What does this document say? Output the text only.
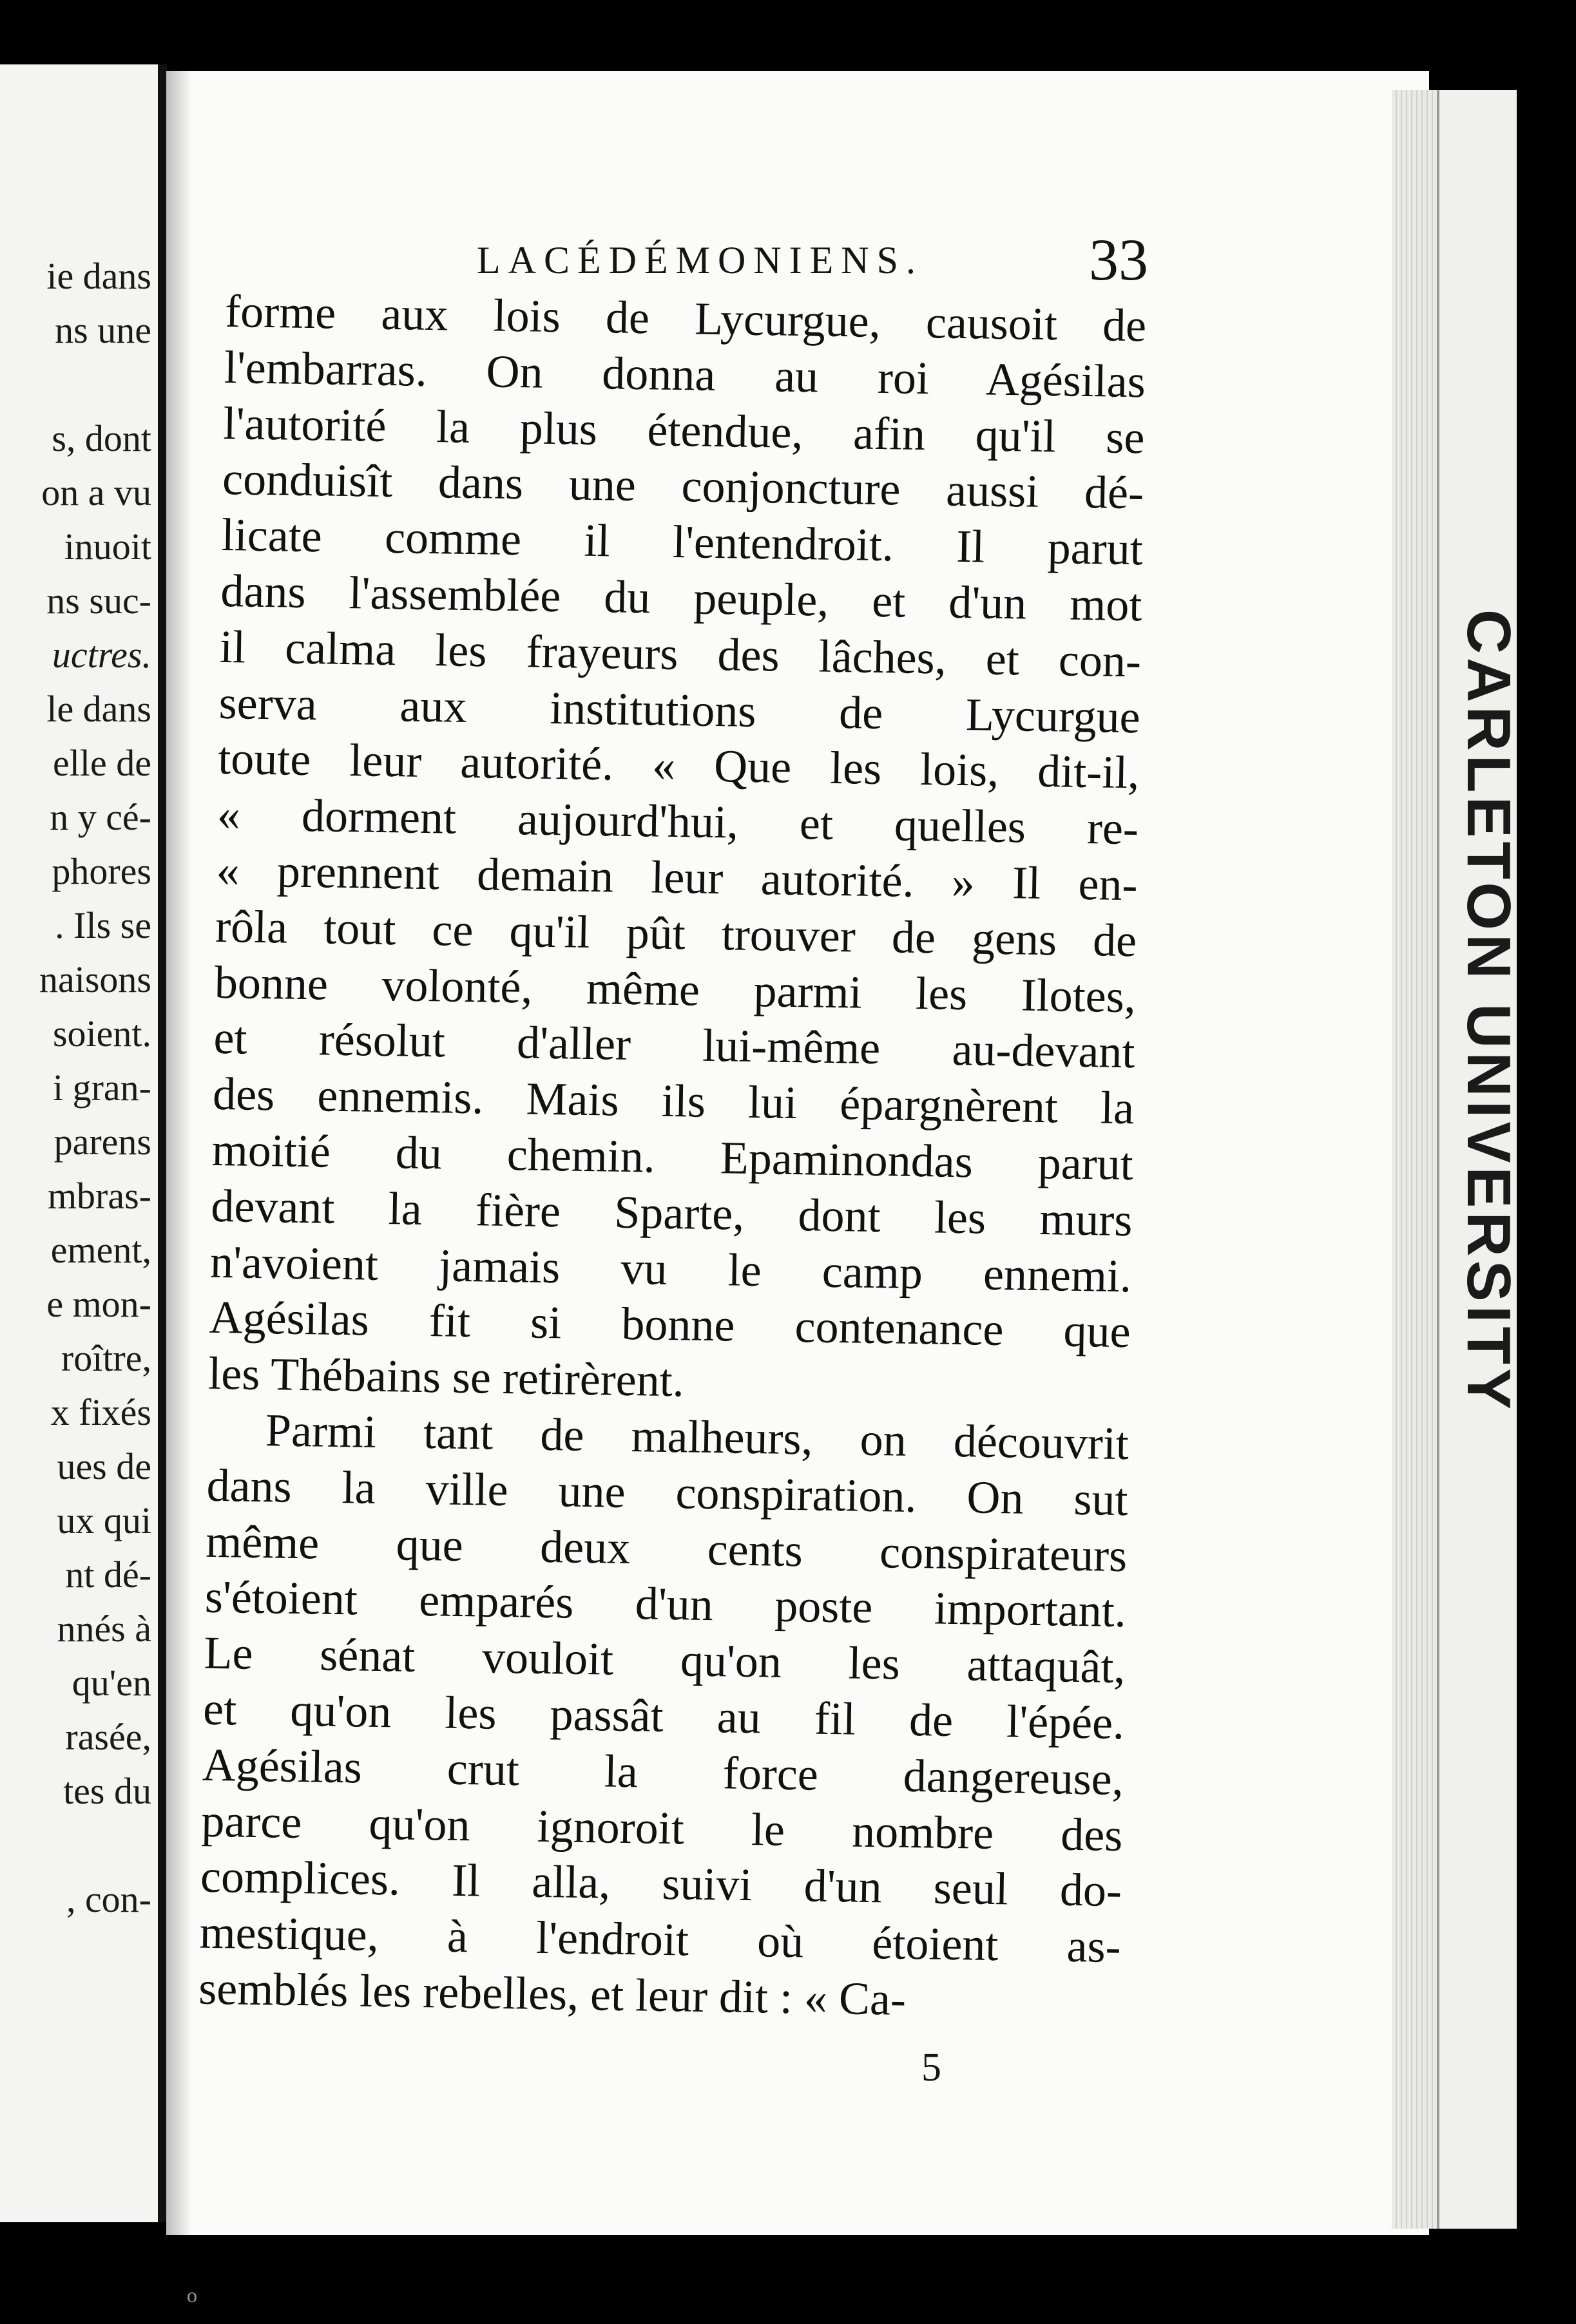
ie dans
ns une
s, dont
on a vu
inuoit
ns suc-
uctres.
le dans
elle de
n y cé-
phores
. Ils se
naisons
soient.
i gran-
parens
mbras-
ement,
e mon-
roître,
x fixés
ues de
ux qui
nt dé-
nnés à
qu'en
rasée,
tes du
, con-
LACÉDÉMONIENS.	33
forme aux lois de Lycurgue, causoit de
l'embarras. On donna au roi Agésilas
l'autorité la plus étendue, afin qu'il se
conduisît dans une conjoncture aussi dé-
licate comme il l'entendroit. Il parut
dans l'assemblée du peuple, et d'un mot
il calma les frayeurs des lâches, et con-
serva aux institutions de Lycurgue
toute leur autorité. « Que les lois, dit-il,
« dorment aujourd'hui, et quelles re-
« prennent demain leur autorité. » Il en-
rôla tout ce qu'il pût trouver de gens de
bonne volonté, même parmi les Ilotes,
et résolut d'aller lui-même au-devant
des ennemis. Mais ils lui épargnèrent la
moitié du chemin. Epaminondas parut
devant la fière Sparte, dont les murs
n'avoient jamais vu le camp ennemi.
Agésilas fit si bonne contenance que
les Thébains se retirèrent.
Parmi tant de malheurs, on découvrit
dans la ville une conspiration. On sut
même que deux cents conspirateurs
s'étoient emparés d'un poste important.
Le sénat vouloit qu'on les attaquât,
et qu'on les passât au fil de l'épée.
Agésilas crut la force dangereuse,
parce qu'on ignoroit le nombre des
complices. Il alla, suivi d'un seul do-
mestique, à l'endroit où étoient as-
semblés les rebelles, et leur dit : « Ca-
5
CARLETON UNIVERSITY
o
